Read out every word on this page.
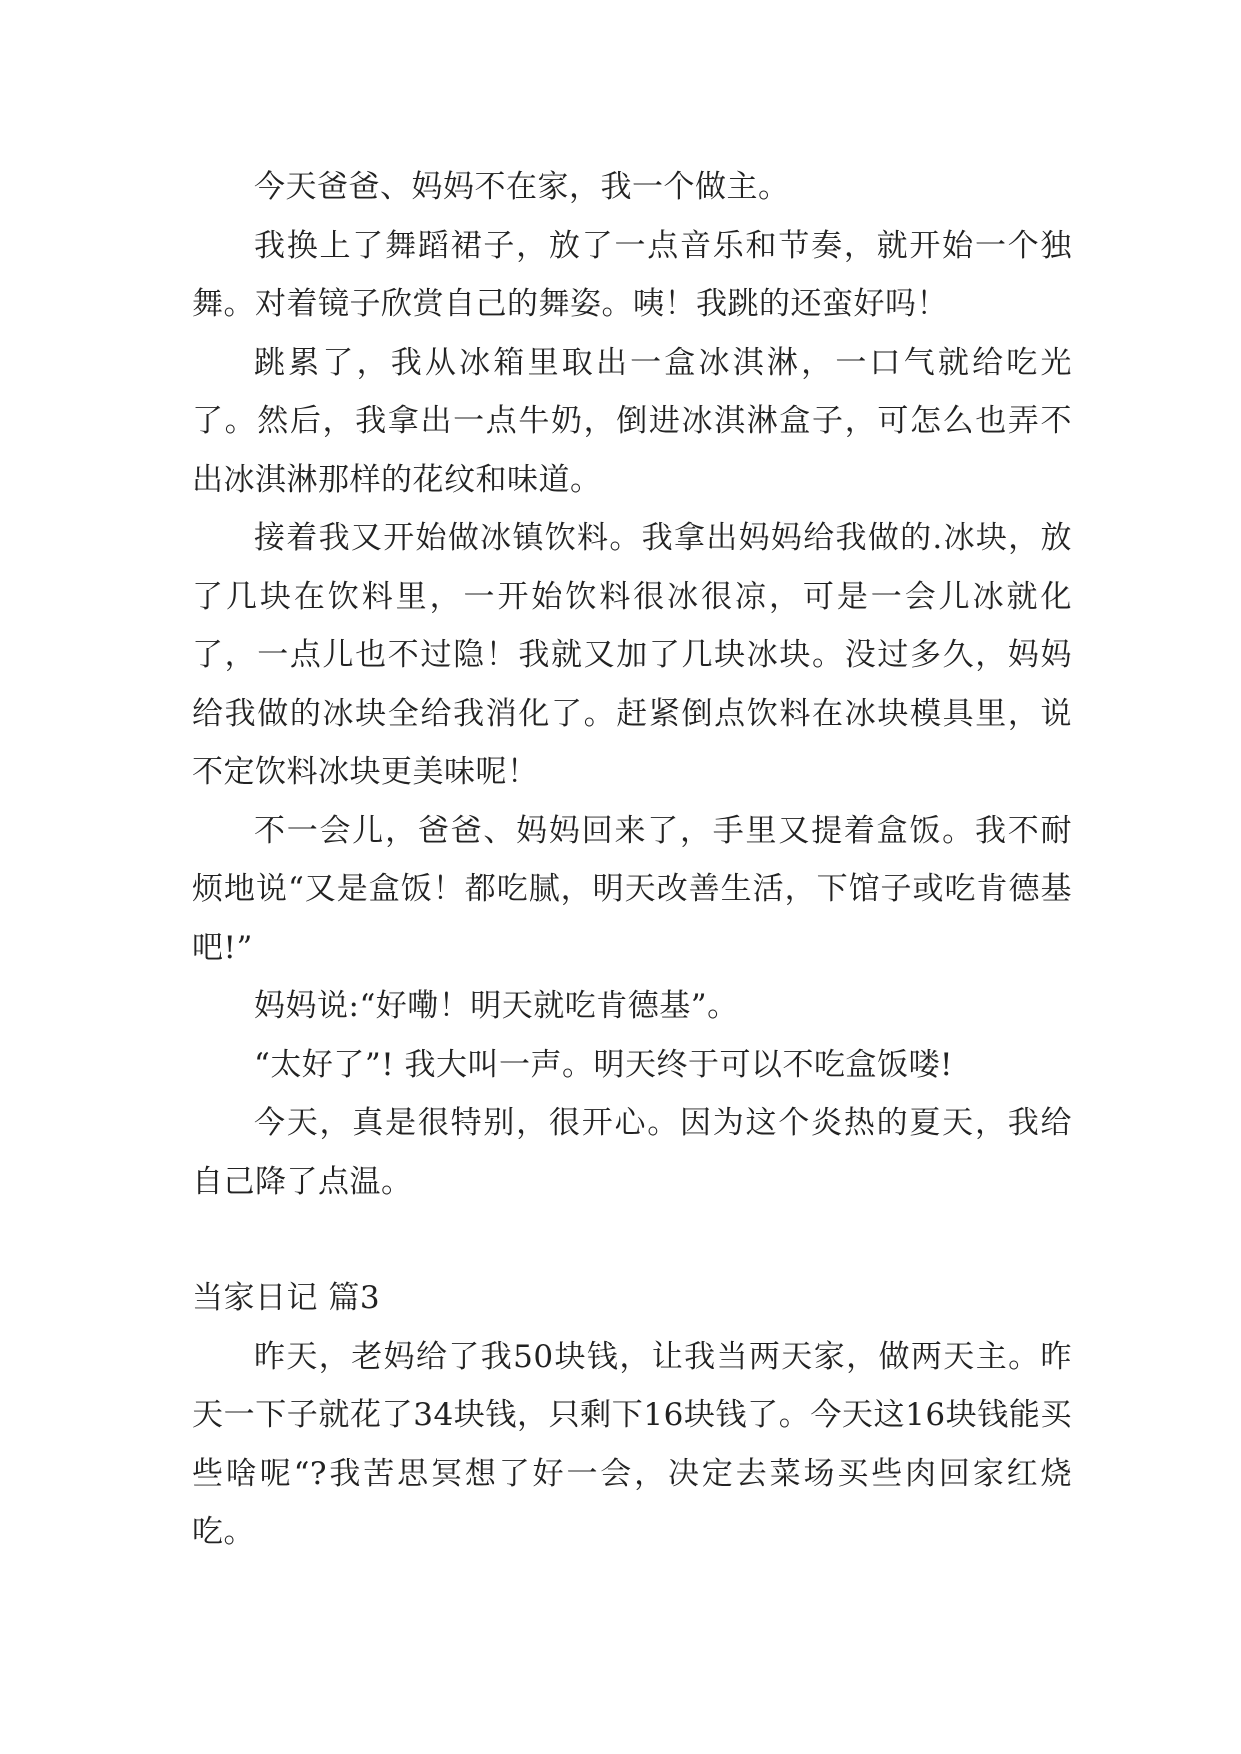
今天爸爸、妈妈不在家，我一个做主。

我换上了舞蹈裙子，放了一点音乐和节奏，就开始一个独舞。对着镜子欣赏自己的舞姿。咦！我跳的还蛮好吗！

跳累了，我从冰箱里取出一盒冰淇淋，一口气就给吃光了。然后，我拿出一点牛奶，倒进冰淇淋盒子，可怎么也弄不出冰淇淋那样的花纹和味道。

接着我又开始做冰镇饮料。我拿出妈妈给我做的.冰块，放了几块在饮料里，一开始饮料很冰很凉，可是一会儿冰就化了，一点儿也不过隐！我就又加了几块冰块。没过多久，妈妈给我做的冰块全给我消化了。赶紧倒点饮料在冰块模具里，说不定饮料冰块更美味呢！

不一会儿，爸爸、妈妈回来了，手里又提着盒饭。我不耐烦地说“又是盒饭！都吃腻，明天改善生活，下馆子或吃肯德基吧!”

妈妈说:“好嘞！明天就吃肯德基”。

“太好了”! 我大叫一声。明天终于可以不吃盒饭喽!

今天，真是很特别，很开心。因为这个炎热的夏天，我给自己降了点温。

当家日记 篇3

昨天，老妈给了我50块钱，让我当两天家，做两天主。昨天一下子就花了34块钱，只剩下16块钱了。今天这16块钱能买些啥呢“?我苦思冥想了好一会，决定去菜场买些肉回家红烧吃。
